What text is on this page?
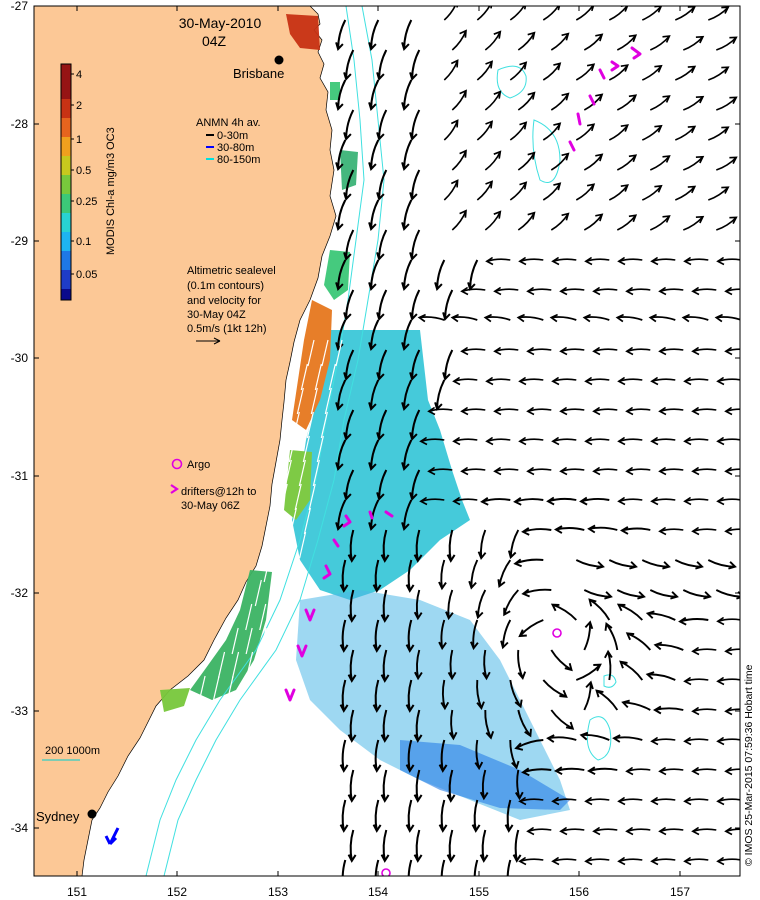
151	152	153	154	155	156	157
-27
-28
-29
-30
-31
-32
-33
-34
30-May-2010
04Z
Brisbane
Sydney
4
2
1
0.5
0.25
0.1
0.05
MODIS Chl-a mg/m3 OC3
ANMN 4h av.
0-30m
30-80m
80-150m
Altimetric sealevel
(0.1m contours)
and velocity for
30-May 04Z
0.5m/s (1kt 12h)
Argo
drifters@12h to
30-May 06Z
200 1000m	© IMOS 25-Mar-2015 07:59:36 Hobart time
